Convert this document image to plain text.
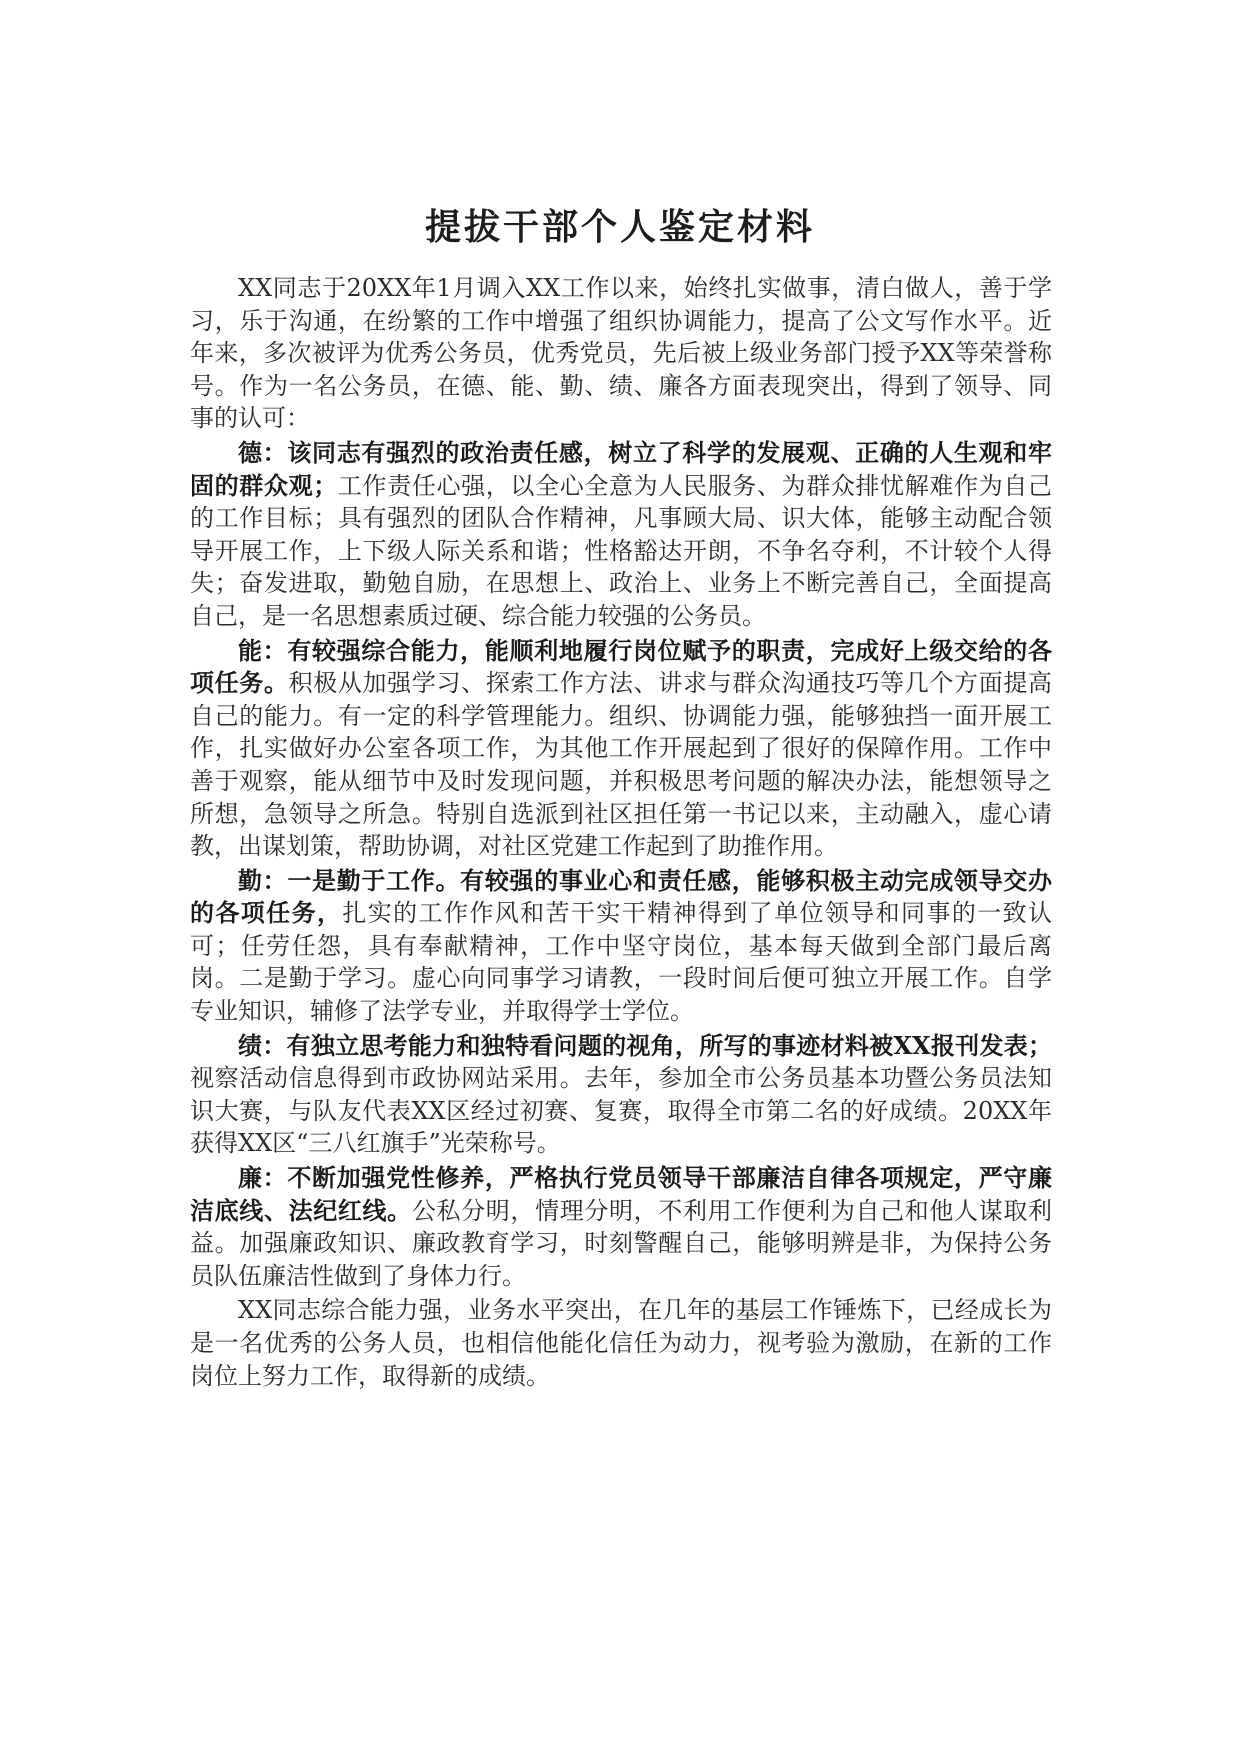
提拔干部个人鉴定材料

XX同志于20XX年1月调入XX工作以来，始终扎实做事，清白做人，善于学习，乐于沟通，在纷繁的工作中增强了组织协调能力，提高了公文写作水平。近年来，多次被评为优秀公务员，优秀党员，先后被上级业务部门授予XX等荣誉称号。作为一名公务员，在德、能、勤、绩、廉各方面表现突出，得到了领导、同事的认可：

德：该同志有强烈的政治责任感，树立了科学的发展观、正确的人生观和牢固的群众观；工作责任心强，以全心全意为人民服务、为群众排忧解难作为自己的工作目标；具有强烈的团队合作精神，凡事顾大局、识大体，能够主动配合领导开展工作，上下级人际关系和谐；性格豁达开朗，不争名夺利，不计较个人得失；奋发进取，勤勉自励，在思想上、政治上、业务上不断完善自己，全面提高自己，是一名思想素质过硬、综合能力较强的公务员。

能：有较强综合能力，能顺利地履行岗位赋予的职责，完成好上级交给的各项任务。积极从加强学习、探索工作方法、讲求与群众沟通技巧等几个方面提高自己的能力。有一定的科学管理能力。组织、协调能力强，能够独挡一面开展工作，扎实做好办公室各项工作，为其他工作开展起到了很好的保障作用。工作中善于观察，能从细节中及时发现问题，并积极思考问题的解决办法，能想领导之所想，急领导之所急。特别自选派到社区担任第一书记以来，主动融入，虚心请教，出谋划策，帮助协调，对社区党建工作起到了助推作用。

勤：一是勤于工作。有较强的事业心和责任感，能够积极主动完成领导交办的各项任务，扎实的工作作风和苦干实干精神得到了单位领导和同事的一致认可；任劳任怨，具有奉献精神，工作中坚守岗位，基本每天做到全部门最后离岗。二是勤于学习。虚心向同事学习请教，一段时间后便可独立开展工作。自学专业知识，辅修了法学专业，并取得学士学位。

绩：有独立思考能力和独特看问题的视角，所写的事迹材料被XX报刊发表；视察活动信息得到市政协网站采用。去年，参加全市公务员基本功暨公务员法知识大赛，与队友代表XX区经过初赛、复赛，取得全市第二名的好成绩。20XX年获得XX区“三八红旗手”光荣称号。

廉：不断加强党性修养，严格执行党员领导干部廉洁自律各项规定，严守廉洁底线、法纪红线。公私分明，情理分明，不利用工作便利为自己和他人谋取利益。加强廉政知识、廉政教育学习，时刻警醒自己，能够明辨是非，为保持公务员队伍廉洁性做到了身体力行。

XX同志综合能力强，业务水平突出，在几年的基层工作锤炼下，已经成长为是一名优秀的公务人员，也相信他能化信任为动力，视考验为激励，在新的工作岗位上努力工作，取得新的成绩。
